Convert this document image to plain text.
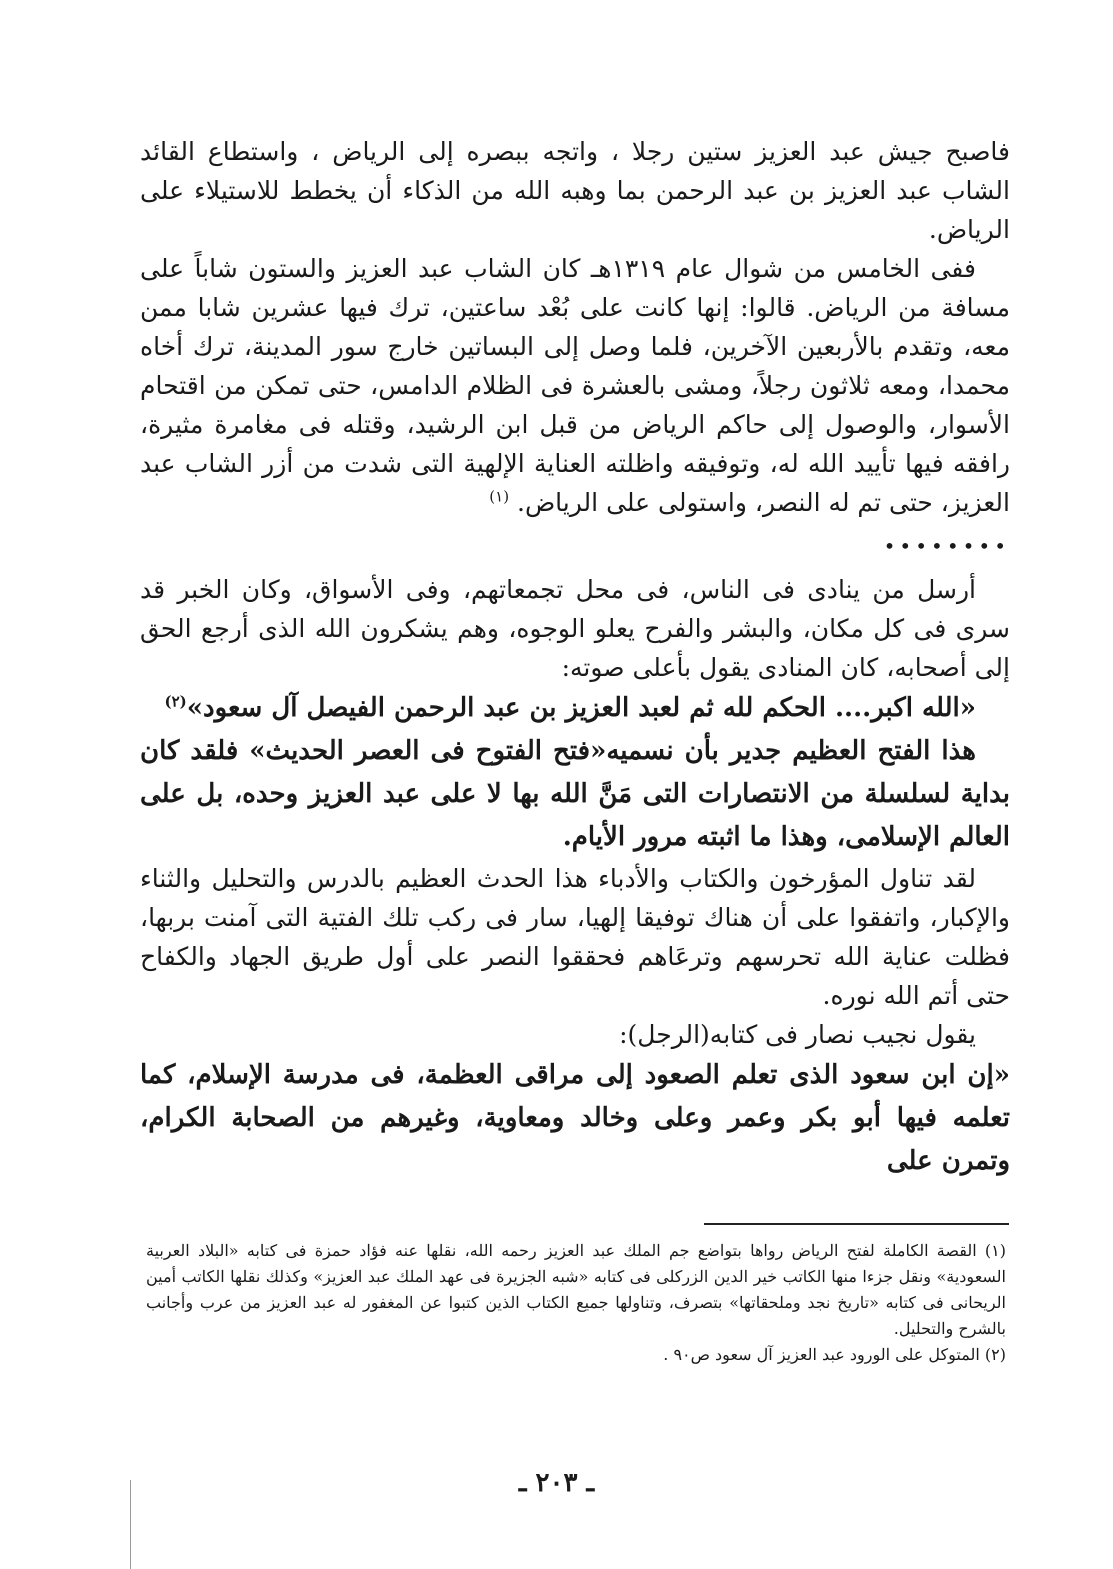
فاصبح جيش عبد العزيز ستين رجلا ، واتجه ببصره إلى الرياض ، واستطاع القائد الشاب عبد العزيز بن عبد الرحمن بما وهبه الله من الذكاء أن يخطط للاستيلاء على الرياض.

ففى الخامس من شوال عام ١٣١٩هـ كان الشاب عبد العزيز والستون شاباً على مسافة من الرياض. قالوا: إنها كانت على بُعْد ساعتين، ترك فيها عشرين شابا ممن معه، وتقدم بالأربعين الآخرين، فلما وصل إلى البساتين خارج سور المدينة، ترك أخاه محمدا، ومعه ثلاثون رجلاً، ومشى بالعشرة فى الظلام الدامس، حتى تمكن من اقتحام الأسوار، والوصول إلى حاكم الرياض من قبل ابن الرشيد، وقتله فى مغامرة مثيرة، رافقه فيها تأييد الله له، وتوفيقه واظلته العناية الإلهية التى شدت من أزر الشاب عبد العزيز، حتى تم له النصر، واستولى على الرياض. $^{(١)}$

••••••••

أرسل من ينادى فى الناس، فى محل تجمعاتهم، وفى الأسواق، وكان الخبر قد سرى فى كل مكان، والبشر والفرح يعلو الوجوه، وهم يشكرون الله الذى أرجع الحق إلى أصحابه، كان المنادى يقول بأعلى صوته:

«الله اكبر.... الحكم لله ثم لعبد العزيز بن عبد الرحمن الفيصل آل سعود»$^{(٢)}$

هذا الفتح العظيم جدير بأن نسميه«فتح الفتوح فى العصر الحديث» فلقد كان بداية لسلسلة من الانتصارات التى مَنَّ الله بها لا على عبد العزيز وحده، بل على العالم الإسلامى، وهذا ما اثبته مرور الأيام.

لقد تناول المؤرخون والكتاب والأدباء هذا الحدث العظيم بالدرس والتحليل والثناء والإكبار، واتفقوا على أن هناك توفيقا إلهيا، سار فى ركب تلك الفتية التى آمنت بربها، فظلت عناية الله تحرسهم وترعَاهم فحققوا النصر على أول طريق الجهاد والكفاح حتى أتم الله نوره.

يقول نجيب نصار فى كتابه(الرجل):

«إن ابن سعود الذى تعلم الصعود إلى مراقى العظمة، فى مدرسة الإسلام، كما تعلمه فيها أبو بكر وعمر وعلى وخالد ومعاوية، وغيرهم من الصحابة الكرام، وتمرن على

(١) القصة الكاملة لفتح الرياض رواها بتواضع جم الملك عبد العزيز رحمه الله، نقلها عنه فؤاد حمزة فى كتابه «البلاد العربية السعودية» ونقل جزءا منها الكاتب خير الدين الزركلى فى كتابه «شبه الجزيرة فى عهد الملك عبد العزيز» وكذلك نقلها الكاتب أمين الريحانى فى كتابه «تاريخ نجد وملحقاتها» بتصرف، وتناولها جميع الكتاب الذين كتبوا عن المغفور له عبد العزيز من عرب وأجانب بالشرح والتحليل.

(٢) المتوكل على الورود عبد العزيز آل سعود ص٩٠ .

ـ ٢٠٣ ـ
